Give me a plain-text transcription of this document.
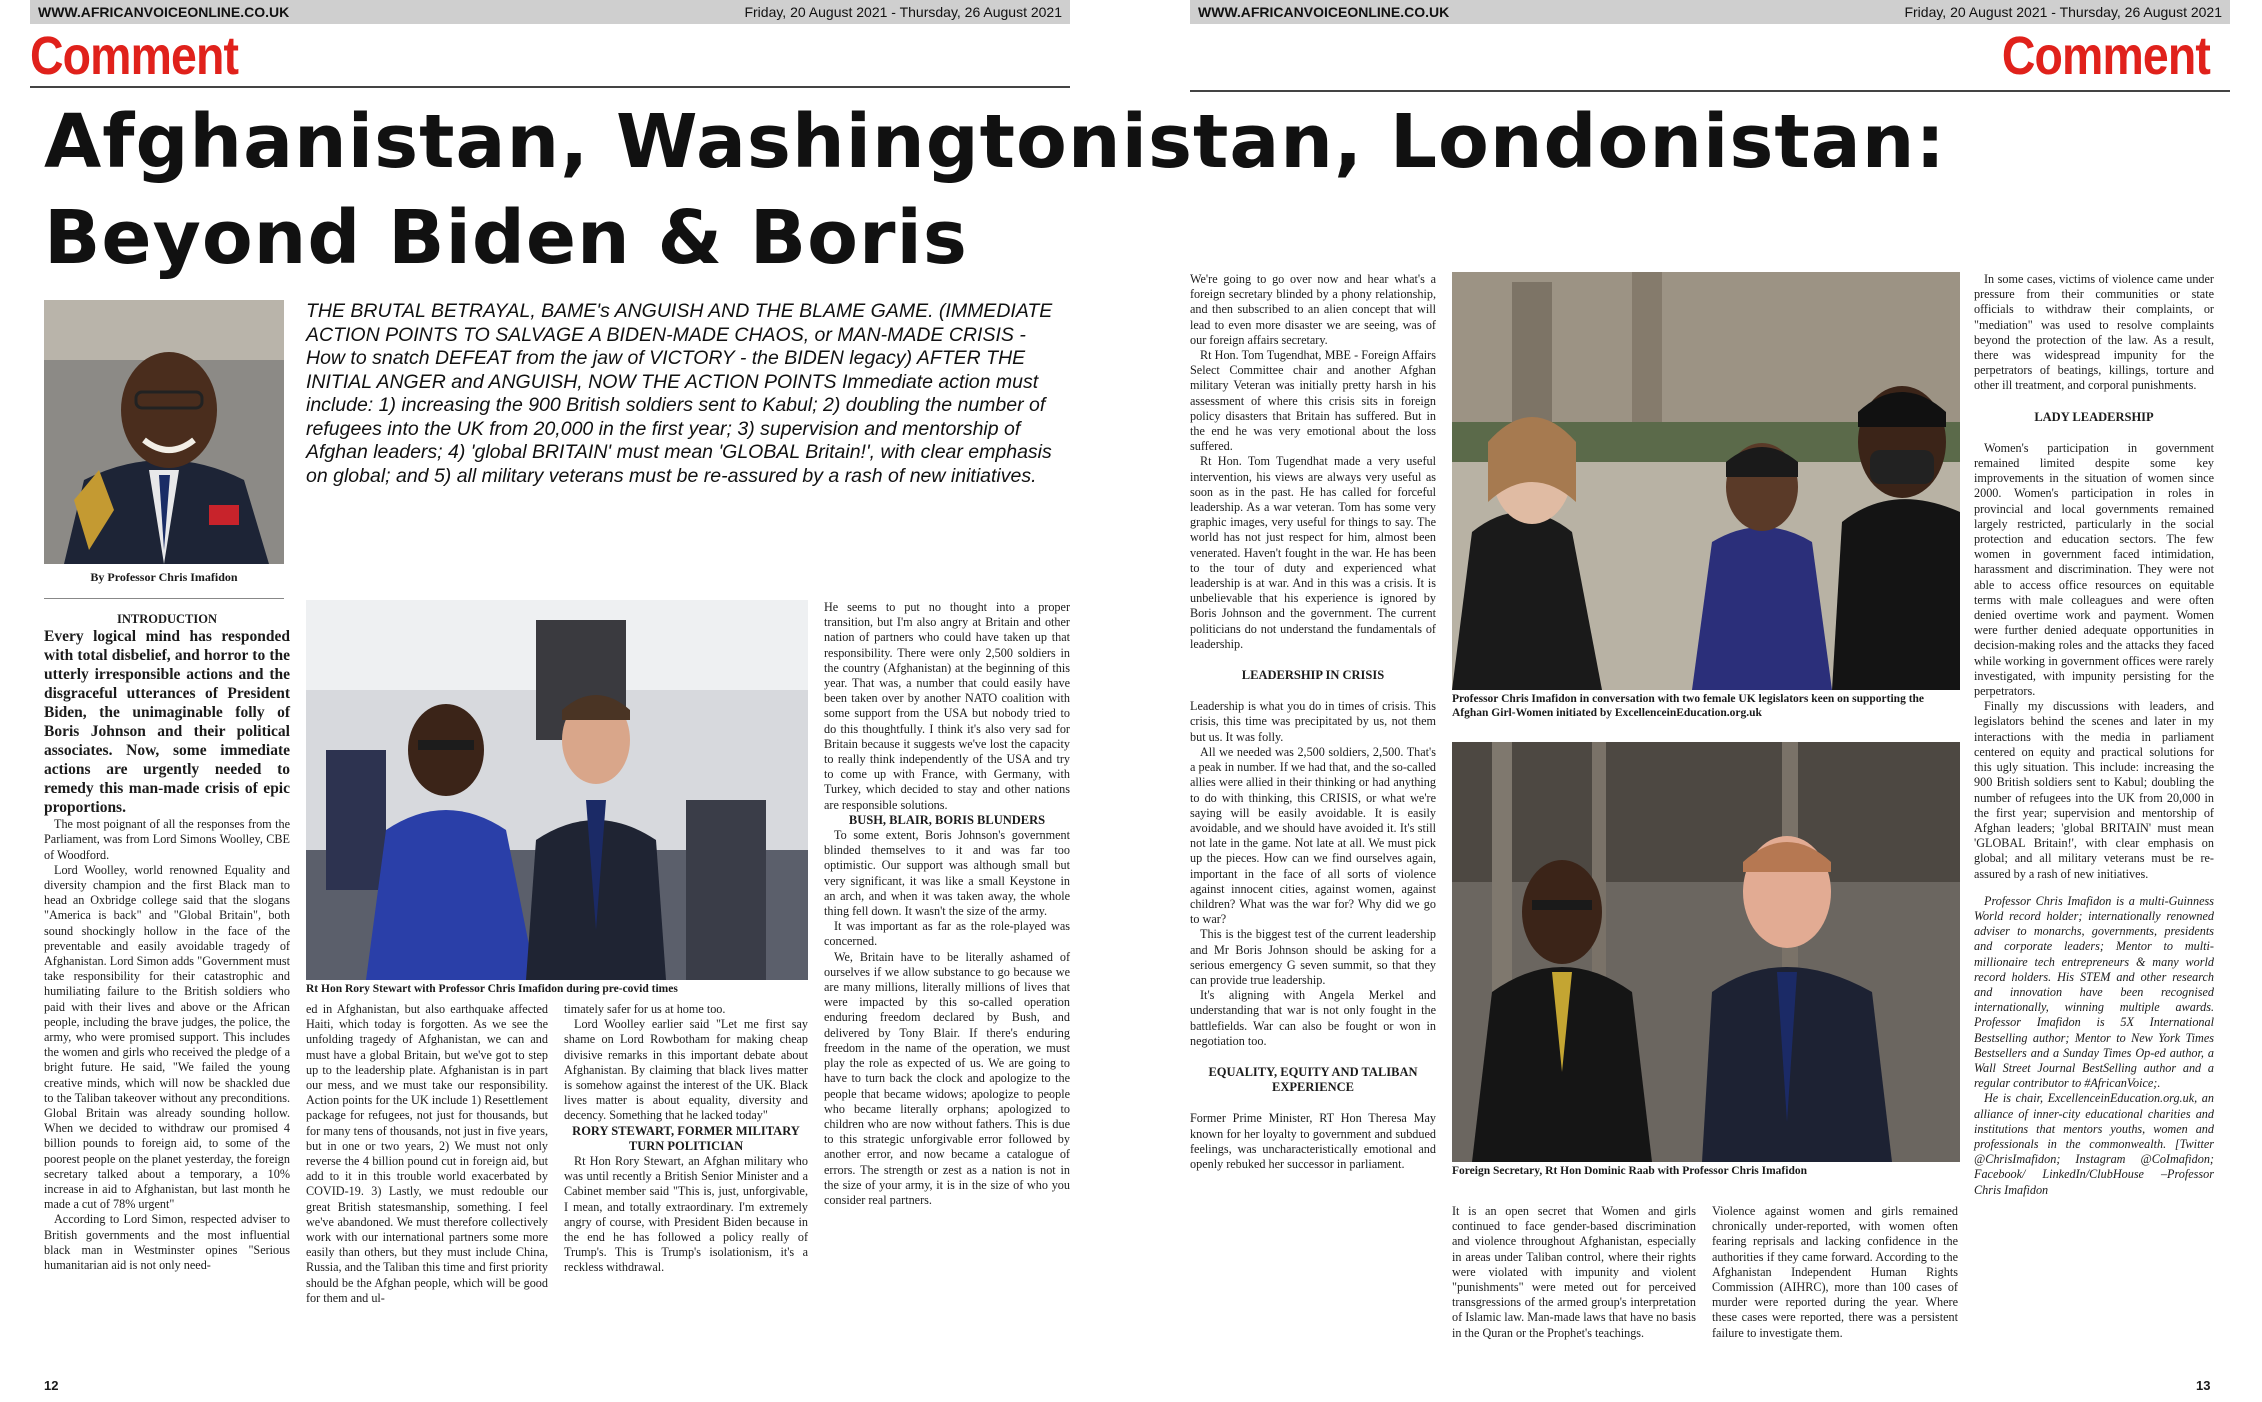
WWW.AFRICANVOICEONLINE.CO.UK	Friday, 20 August 2021 - Thursday, 26 August 2021	WWW.AFRICANVOICEONLINE.CO.UK	Friday, 20 August 2021 - Thursday, 26 August 2021
Comment	Comment
Afghanistan, Washingtonistan, Londonistan:
Beyond Biden & Boris
By Professor Chris Imafidon
THE BRUTAL BETRAYAL, BAME's ANGUISH AND THE BLAME GAME. (IMMEDIATE ACTION POINTS TO SALVAGE A BIDEN-MADE CHAOS, or MAN-MADE CRISIS - How to snatch DEFEAT from the jaw of VICTORY - the BIDEN legacy) AFTER THE INITIAL ANGER and ANGUISH, NOW THE ACTION POINTS Immediate action must include: 1) increasing the 900 British soldiers sent to Kabul; 2) doubling the number of refugees into the UK from 20,000 in the first year; 3) supervision and mentorship of Afghan leaders; 4) 'global BRITAIN' must mean 'GLOBAL Britain!', with clear emphasis on global; and 5) all military veterans must be re-assured by a rash of new initiatives.

INTRODUCTION

Every logical mind has responded with total disbelief, and horror to the utterly irresponsible actions and the disgraceful utterances of President Biden, the unimaginable folly of Boris Johnson and their political associates. Now, some immediate actions are urgently needed to remedy this man-made crisis of epic proportions.

The most poignant of all the responses from the Parliament, was from Lord Simons Woolley, CBE of Woodford.

Lord Woolley, world renowned Equality and diversity champion and the first Black man to head an Oxbridge college said that the slogans "America is back" and "Global Britain", both sound shockingly hollow in the face of the preventable and easily avoidable tragedy of Afghanistan. Lord Simon adds "Government must take responsibility for their catastrophic and humiliating failure to the British soldiers who paid with their lives and above or the African people, including the brave judges, the police, the army, who were promised support. This includes the women and girls who received the pledge of a bright future. He said, "We failed the young creative minds, which will now be shackled due to the Taliban takeover without any preconditions. Global Britain was already sounding hollow. When we decided to withdraw our promised 4 billion pounds to foreign aid, to some of the poorest people on the planet yesterday, the foreign secretary talked about a temporary, a 10% increase in aid to Afghanistan, but last month he made a cut of 78% urgent"

According to Lord Simon, respected adviser to British governments and the most influential black man in Westminster opines "Serious humanitarian aid is not only need-

Rt Hon Rory Stewart with Professor Chris Imafidon during pre-covid times

ed in Afghanistan, but also earthquake affected Haiti, which today is forgotten. As we see the unfolding tragedy of Afghanistan, we can and must have a global Britain, but we've got to step up to the leadership plate. Afghanistan is in part our mess, and we must take our responsibility. Action points for the UK include 1) Resettlement package for refugees, not just for thousands, but for many tens of thousands, not just in five years, but in one or two years, 2) We must not only reverse the 4 billion pound cut in foreign aid, but add to it in this trouble world exacerbated by COVID-19. 3) Lastly, we must redouble our great British statesmanship, something. I feel we've abandoned. We must therefore collectively work with our international partners some more easily than others, but they must include China, Russia, and the Taliban this time and first priority should be the Afghan people, which will be good for them and ul-

timately safer for us at home too.

Lord Woolley earlier said "Let me first say shame on Lord Rowbotham for making cheap divisive remarks in this important debate about Afghanistan. By claiming that black lives matter is somehow against the interest of the UK. Black lives matter is about equality, diversity and decency. Something that he lacked today"

RORY STEWART, FORMER MILITARY TURN POLITICIAN

Rt Hon Rory Stewart, an Afghan military who was until recently a British Senior Minister and a Cabinet member said "This is, just, unforgivable, I mean, and totally extraordinary. I'm extremely angry of course, with President Biden because in the end he has followed a policy really of Trump's. This is Trump's isolationism, it's a reckless withdrawal.

He seems to put no thought into a proper transition, but I'm also angry at Britain and other nation of partners who could have taken up that responsibility. There were only 2,500 soldiers in the country (Afghanistan) at the beginning of this year. That was, a number that could easily have been taken over by another NATO coalition with some support from the USA but nobody tried to do this thoughtfully. I think it's also very sad for Britain because it suggests we've lost the capacity to really think independently of the USA and try to come up with France, with Germany, with Turkey, which decided to stay and other nations are responsible solutions.

BUSH, BLAIR, BORIS BLUNDERS

To some extent, Boris Johnson's government blinded themselves to it and was far too optimistic. Our support was although small but very significant, it was like a small Keystone in an arch, and when it was taken away, the whole thing fell down. It wasn't the size of the army.

It was important as far as the role-played was concerned.

We, Britain have to be literally ashamed of ourselves if we allow substance to go because we are many millions, literally millions of lives that were impacted by this so-called operation enduring freedom declared by Bush, and delivered by Tony Blair. If there's enduring freedom in the name of the operation, we must play the role as expected of us. We are going to have to turn back the clock and apologize to the people that became widows; apologize to people who became literally orphans; apologized to children who are now without fathers. This is due to this strategic unforgivable error followed by another error, and now became a catalogue of errors. The strength or zest as a nation is not in the size of your army, it is in the size of who you consider real partners.

12

We're going to go over now and hear what's a foreign secretary blinded by a phony relationship, and then subscribed to an alien concept that will lead to even more disaster we are seeing, was of our foreign affairs secretary.

Rt Hon. Tom Tugendhat, MBE - Foreign Affairs Select Committee chair and another Afghan military Veteran was initially pretty harsh in his assessment of where this crisis sits in foreign policy disasters that Britain has suffered. But in the end he was very emotional about the loss suffered.

Rt Hon. Tom Tugendhat made a very useful intervention, his views are always very useful as soon as in the past. He has called for forceful leadership. As a war veteran. Tom has some very graphic images, very useful for things to say. The world has not just respect for him, almost been venerated. Haven't fought in the war. He has been to the tour of duty and experienced what leadership is at war. And in this was a crisis. It is unbelievable that his experience is ignored by Boris Johnson and the government. The current politicians do not understand the fundamentals of leadership.

LEADERSHIP IN CRISIS

Leadership is what you do in times of crisis. This crisis, this time was precipitated by us, not them but us. It was folly.

All we needed was 2,500 soldiers, 2,500. That's a peak in number. If we had that, and the so-called allies were allied in their thinking or had anything to do with thinking, this CRISIS, or what we're saying will be easily avoidable. It is easily avoidable, and we should have avoided it. It's still not late in the game. Not late at all. We must pick up the pieces. How can we find ourselves again, important in the face of all sorts of violence against innocent cities, against women, against children? What was the war for? Why did we go to war?

This is the biggest test of the current leadership and Mr Boris Johnson should be asking for a serious emergency G seven summit, so that they can provide true leadership.

It's aligning with Angela Merkel and understanding that war is not only fought in the battlefields. War can also be fought or won in negotiation too.

EQUALITY, EQUITY AND TALIBAN EXPERIENCE

Former Prime Minister, RT Hon Theresa May known for her loyalty to government and subdued feelings, was uncharacteristically emotional and openly rebuked her successor in parliament.

Professor Chris Imafidon in conversation with two female UK legislators keen on supporting the Afghan Girl-Women initiated by ExcellenceinEducation.org.uk
Foreign Secretary, Rt Hon Dominic Raab with Professor Chris Imafidon

It is an open secret that Women and girls continued to face gender-based discrimination and violence throughout Afghanistan, especially in areas under Taliban control, where their rights were violated with impunity and violent "punishments" were meted out for perceived transgressions of the armed group's interpretation of Islamic law. Man-made laws that have no basis in the Quran or the Prophet's teachings.

Violence against women and girls remained chronically under-reported, with women often fearing reprisals and lacking confidence in the authorities if they came forward. According to the Afghanistan Independent Human Rights Commission (AIHRC), more than 100 cases of murder were reported during the year. Where these cases were reported, there was a persistent failure to investigate them.

In some cases, victims of violence came under pressure from their communities or state officials to withdraw their complaints, or "mediation" was used to resolve complaints beyond the protection of the law. As a result, there was widespread impunity for the perpetrators of beatings, killings, torture and other ill treatment, and corporal punishments.

LADY LEADERSHIP

Women's participation in government remained limited despite some key improvements in the situation of women since 2000. Women's participation in roles in provincial and local governments remained largely restricted, particularly in the social protection and education sectors. The few women in government faced intimidation, harassment and discrimination. They were not able to access office resources on equitable terms with male colleagues and were often denied overtime work and payment. Women were further denied adequate opportunities in decision-making roles and the attacks they faced while working in government offices were rarely investigated, with impunity persisting for the perpetrators.

Finally my discussions with leaders, and legislators behind the scenes and later in my interactions with the media in parliament centered on equity and practical solutions for this ugly situation. This include: increasing the 900 British soldiers sent to Kabul; doubling the number of refugees into the UK from 20,000 in the first year; supervision and mentorship of Afghan leaders; 'global BRITAIN' must mean 'GLOBAL Britain!', with clear emphasis on global; and all military veterans must be re-assured by a rash of new initiatives.

Professor Chris Imafidon is a multi-Guinness World record holder; internationally renowned adviser to monarchs, governments, presidents and corporate leaders; Mentor to multi-millionaire tech entrepreneurs & many world record holders. His STEM and other research and innovation have been recognised internationally, winning multiple awards. Professor Imafidon is 5X International Bestselling author; Mentor to New York Times Bestsellers and a Sunday Times Op-ed author, a Wall Street Journal BestSelling author and a regular contributor to #AfricanVoice;.

He is chair, ExcellenceinEducation.org.uk, an alliance of inner-city educational charities and institutions that mentors youths, women and professionals in the commonwealth. [Twitter @ChrisImafidon; Instagram @CoImafidon; Facebook/ LinkedIn/ClubHouse –Professor Chris Imafidon

13
